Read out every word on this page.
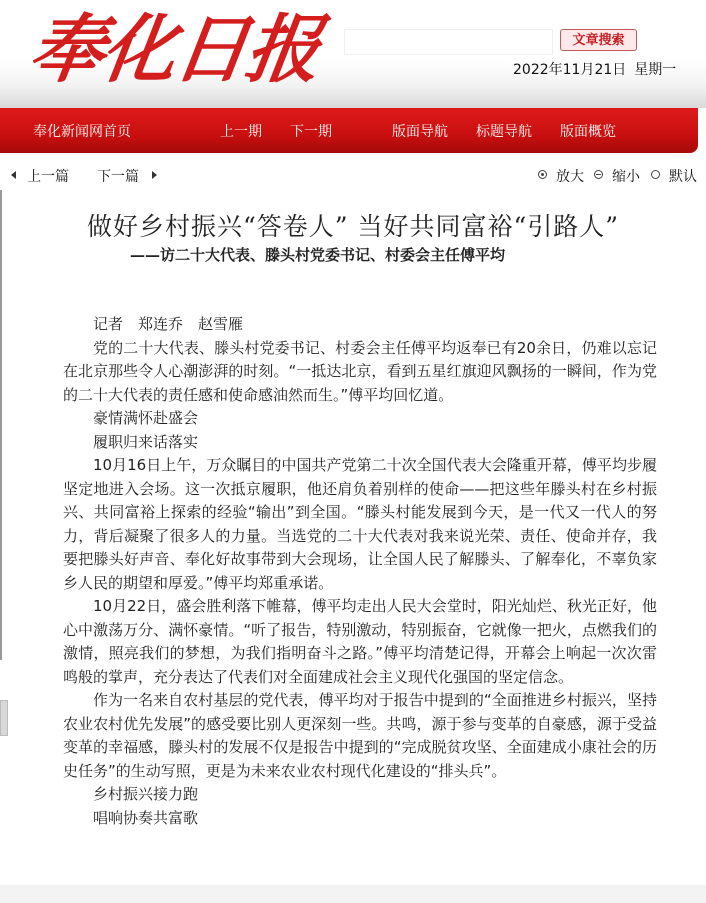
奉化日报	文章搜索
2022年11月21日 星期一
奉化新闻网首页	上一期 下一期	版面导航 标题导航 版面概览
上一篇 下一篇	放大 缩小 默认
做好乡村振兴“答卷人” 当好共同富裕“引路人”
——访二十大代表、滕头村党委书记、村委会主任傅平均

记者　郑连乔　赵雪雁

党的二十大代表、滕头村党委书记、村委会主任傅平均返奉已有20余日，仍难以忘记在北京那些令人心潮澎湃的时刻。“一抵达北京，看到五星红旗迎风飘扬的一瞬间，作为党的二十大代表的责任感和使命感油然而生。”傅平均回忆道。

豪情满怀赴盛会

履职归来话落实

10月16日上午，万众瞩目的中国共产党第二十次全国代表大会隆重开幕，傅平均步履坚定地进入会场。这一次抵京履职，他还肩负着别样的使命——把这些年滕头村在乡村振兴、共同富裕上探索的经验“输出”到全国。“滕头村能发展到今天，是一代又一代人的努力，背后凝聚了很多人的力量。当选党的二十大代表对我来说光荣、责任、使命并存，我要把滕头好声音、奉化好故事带到大会现场，让全国人民了解滕头、了解奉化，不辜负家乡人民的期望和厚爱。”傅平均郑重承诺。

10月22日，盛会胜利落下帷幕，傅平均走出人民大会堂时，阳光灿烂、秋光正好，他心中激荡万分、满怀豪情。“听了报告，特别激动，特别振奋，它就像一把火，点燃我们的激情，照亮我们的梦想，为我们指明奋斗之路。”傅平均清楚记得，开幕会上响起一次次雷鸣般的掌声，充分表达了代表们对全面建成社会主义现代化强国的坚定信念。

作为一名来自农村基层的党代表，傅平均对于报告中提到的“全面推进乡村振兴，坚持农业农村优先发展”的感受要比别人更深刻一些。共鸣，源于参与变革的自豪感，源于受益变革的幸福感，滕头村的发展不仅是报告中提到的“完成脱贫攻坚、全面建成小康社会的历史任务”的生动写照，更是为未来农业农村现代化建设的“排头兵”。

乡村振兴接力跑

唱响协奏共富歌
